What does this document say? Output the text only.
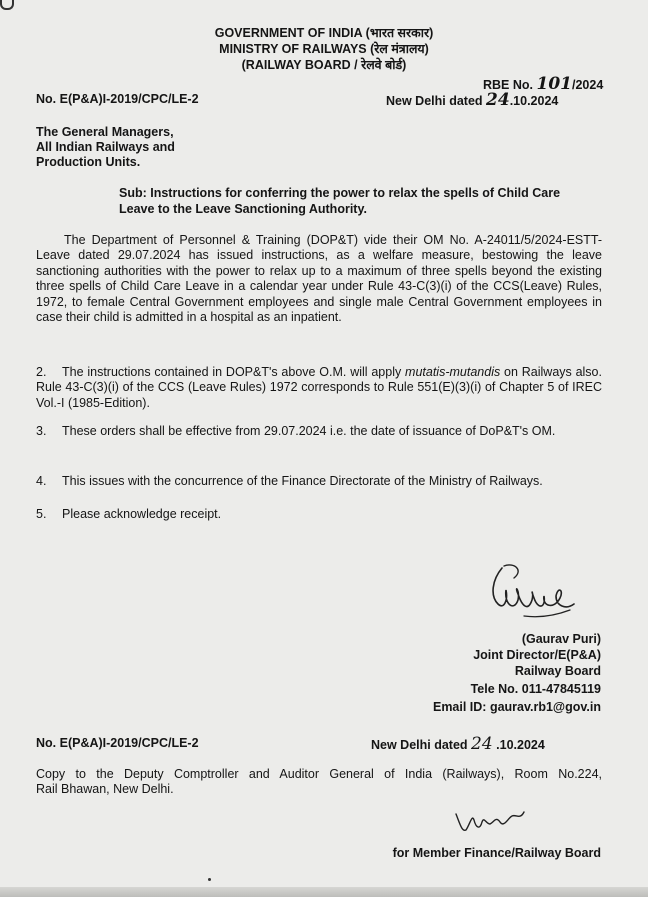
GOVERNMENT OF INDIA (भारत सरकार)
MINISTRY OF RAILWAYS (रेल मंत्रालय)
(RAILWAY BOARD / रेलवे बोर्ड)
RBE No. 101/2024
No. E(P&A)I-2019/CPC/LE-2	New Delhi dated 24.10.2024
The General Managers,
All Indian Railways and
Production Units.
Sub: Instructions for conferring the power to relax the spells of Child Care
Leave to the Leave Sanctioning Authority.
The Department of Personnel & Training (DOP&T) vide their OM No. A-24011/5/2024-ESTT-Leave dated 29.07.2024 has issued instructions, as a welfare measure, bestowing the leave sanctioning authorities with the power to relax up to a maximum of three spells beyond the existing three spells of Child Care Leave in a calendar year under Rule 43-C(3)(i) of the CCS(Leave) Rules, 1972, to female Central Government employees and single male Central Government employees in case their child is admitted in a hospital as an inpatient.
2. The instructions contained in DOP&T's above O.M. will apply mutatis-mutandis on Railways also. Rule 43-C(3)(i) of the CCS (Leave Rules) 1972 corresponds to Rule 551(E)(3)(i) of Chapter 5 of IREC Vol.-I (1985-Edition).
3. These orders shall be effective from 29.07.2024 i.e. the date of issuance of DoP&T's OM.
4. This issues with the concurrence of the Finance Directorate of the Ministry of Railways.
5. Please acknowledge receipt.
(Gaurav Puri)
Joint Director/E(P&A)
Railway Board
Tele No. 011-47845119
Email ID: gaurav.rb1@gov.in
No. E(P&A)I-2019/CPC/LE-2	New Delhi dated 24 .10.2024
Copy to the Deputy Comptroller and Auditor General of India (Railways), Room No.224,
Rail Bhawan, New Delhi.
for Member Finance/Railway Board
